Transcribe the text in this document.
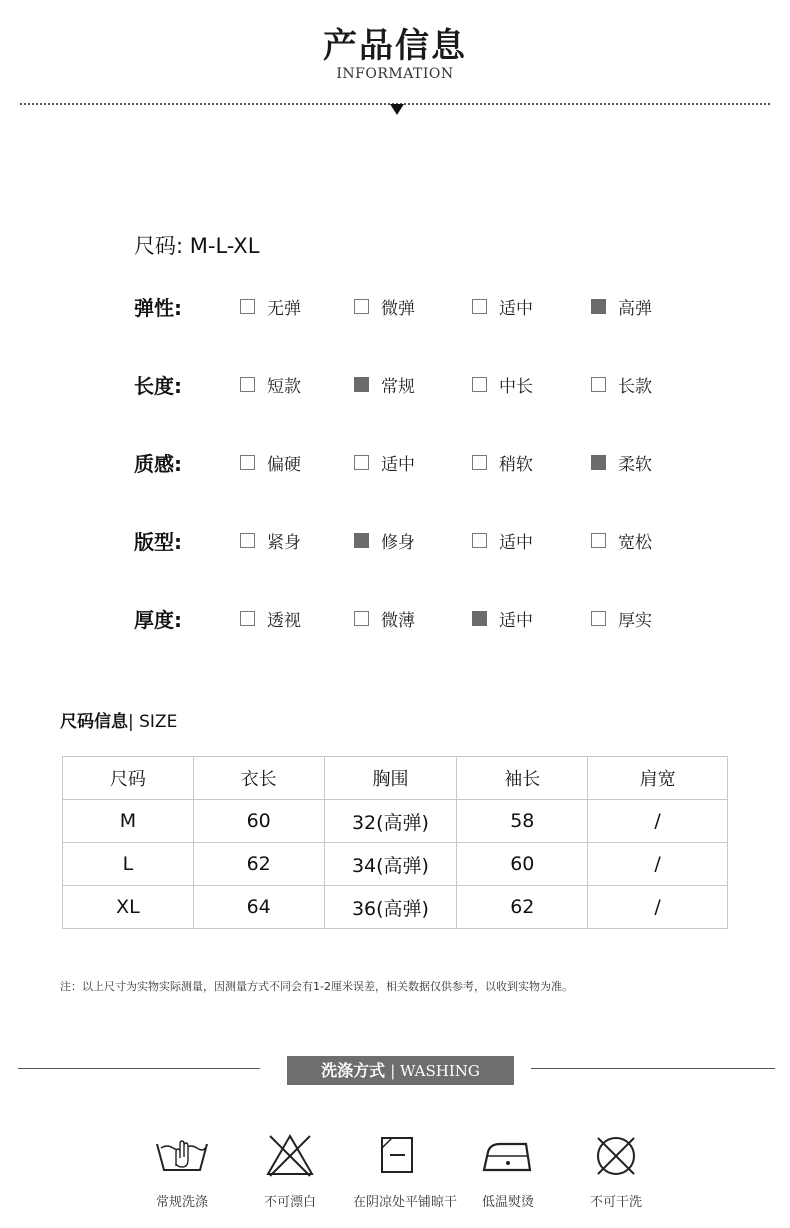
产品信息
INFORMATION
尺码: M-L-XL
弹性:	无弹	微弹	适中	高弹
长度:	短款	常规	中长	长款
质感:	偏硬	适中	稍软	柔软
版型:	紧身	修身	适中	宽松
厚度:	透视	微薄	适中	厚实
尺码信息| SIZE
尺码	衣长	胸围	袖长	肩宽
M	60	32(高弹)	58	/
L	62	34(高弹)	60	/
XL	64	36(高弹)	62	/
注：以上尺寸为实物实际测量，因测量方式不同会有1-2厘米误差，相关数据仅供参考，以收到实物为准。
洗涤方式 | WASHING
常规洗涤	不可漂白	在阴凉处平铺晾干	低温熨烫	不可干洗
